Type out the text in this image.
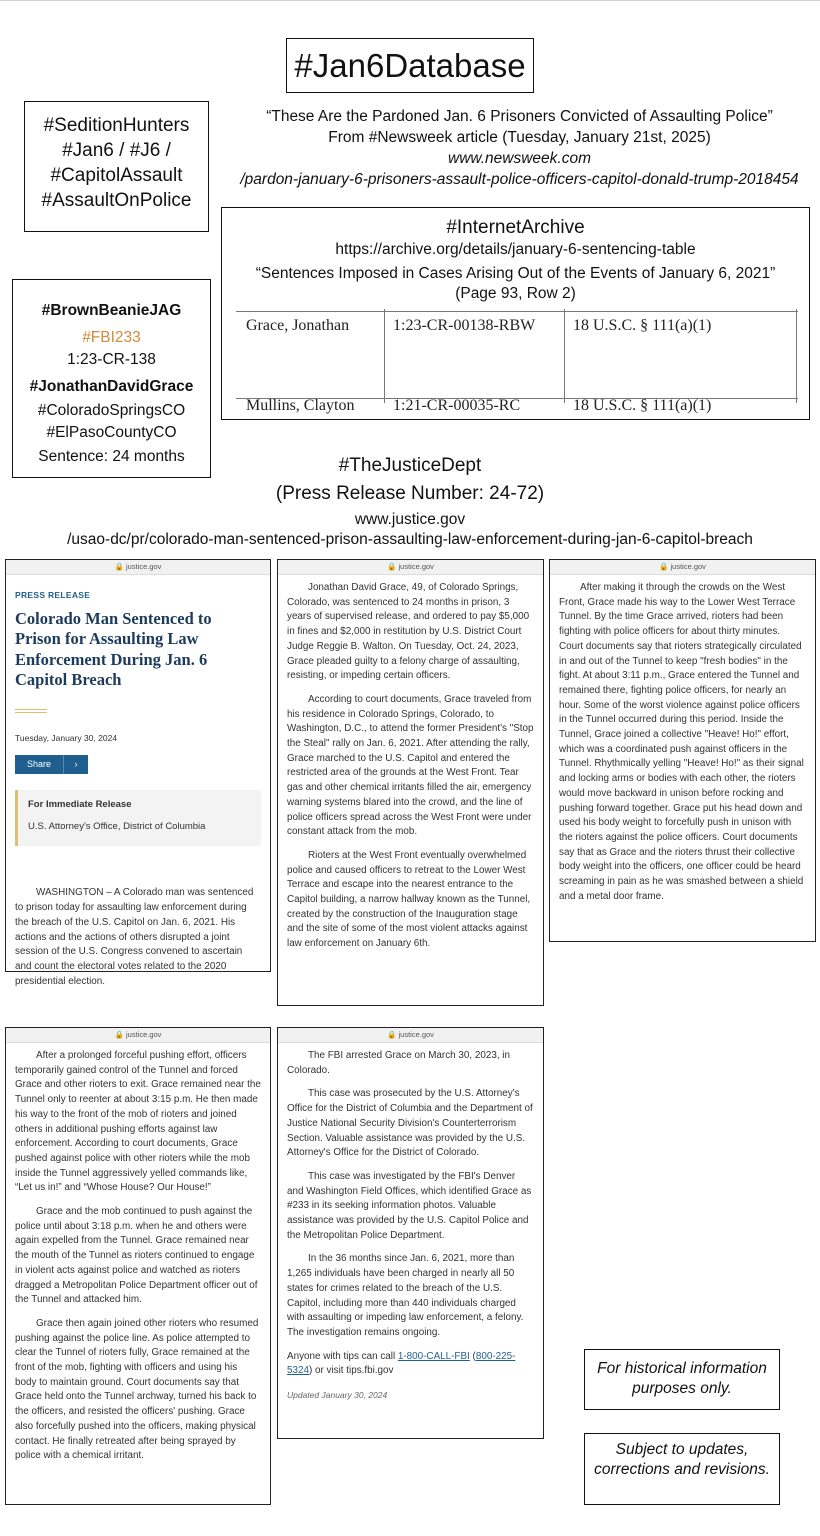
#Jan6Database
#SeditionHunters
#Jan6 / #J6 /
#CapitolAssault
#AssaultOnPolice
“These Are the Pardoned Jan. 6 Prisoners Convicted of Assaulting Police”
From #Newsweek article (Tuesday, January 21st, 2025)
www.newsweek.com
/pardon-january-6-prisoners-assault-police-officers-capitol-donald-trump-2018454
#InternetArchive
https://archive.org/details/january-6-sentencing-table
“Sentences Imposed in Cases Arising Out of the Events of January 6, 2021”
(Page 93, Row 2)
Grace, Jonathan	1:23-CR-00138-RBW 18 U.S.C. § 111(a)(1)
Mullins, Clayton 1:21-CR-00035-RC	18 U.S.C. § 111(a)(1)
#BrownBeanieJAG
#FBI233
1:23-CR-138
#JonathanDavidGrace
#ColoradoSpringsCO
#ElPasoCountyCO
Sentence: 24 months	#TheJusticeDept
(Press Release Number: 24-72)
www.justice.gov
/usao-dc/pr/colorado-man-sentenced-prison-assaulting-law-enforcement-during-jan-6-capitol-breach
🔒 justice.gov
PRESS RELEASE
Colorado Man Sentenced to Prison for Assaulting Law Enforcement During Jan. 6 Capitol Breach
Tuesday, January 30, 2024
Share	›
For Immediate Release
U.S. Attorney's Office, District of Columbia

WASHINGTON – A Colorado man was sentenced to prison today for assaulting law enforcement during the breach of the U.S. Capitol on Jan. 6, 2021. His actions and the actions of others disrupted a joint session of the U.S. Congress convened to ascertain and count the electoral votes related to the 2020 presidential election.

🔒 justice.gov

Jonathan David Grace, 49, of Colorado Springs, Colorado, was sentenced to 24 months in prison, 3 years of supervised release, and ordered to pay $5,000 in fines and $2,000 in restitution by U.S. District Court Judge Reggie B. Walton. On Tuesday, Oct. 24, 2023, Grace pleaded guilty to a felony charge of assaulting, resisting, or impeding certain officers.

According to court documents, Grace traveled from his residence in Colorado Springs, Colorado, to Washington, D.C., to attend the former President's "Stop the Steal" rally on Jan. 6, 2021. After attending the rally, Grace marched to the U.S. Capitol and entered the restricted area of the grounds at the West Front. Tear gas and other chemical irritants filled the air, emergency warning systems blared into the crowd, and the line of police officers spread across the West Front were under constant attack from the mob.

Rioters at the West Front eventually overwhelmed police and caused officers to retreat to the Lower West Terrace and escape into the nearest entrance to the Capitol building, a narrow hallway known as the Tunnel, created by the construction of the Inauguration stage and the site of some of the most violent attacks against law enforcement on January 6th.

🔒 justice.gov

After making it through the crowds on the West Front, Grace made his way to the Lower West Terrace Tunnel. By the time Grace arrived, rioters had been fighting with police officers for about thirty minutes. Court documents say that rioters strategically circulated in and out of the Tunnel to keep "fresh bodies" in the fight. At about 3:11 p.m., Grace entered the Tunnel and remained there, fighting police officers, for nearly an hour. Some of the worst violence against police officers in the Tunnel occurred during this period. Inside the Tunnel, Grace joined a collective "Heave! Ho!" effort, which was a coordinated push against officers in the Tunnel. Rhythmically yelling "Heave! Ho!" as their signal and locking arms or bodies with each other, the rioters would move backward in unison before rocking and pushing forward together. Grace put his head down and used his body weight to forcefully push in unison with the rioters against the police officers. Court documents say that as Grace and the rioters thrust their collective body weight into the officers, one officer could be heard screaming in pain as he was smashed between a shield and a metal door frame.

🔒 justice.gov

After a prolonged forceful pushing effort, officers temporarily gained control of the Tunnel and forced Grace and other rioters to exit. Grace remained near the Tunnel only to reenter at about 3:15 p.m. He then made his way to the front of the mob of rioters and joined others in additional pushing efforts against law enforcement. According to court documents, Grace pushed against police with other rioters while the mob inside the Tunnel aggressively yelled commands like, “Let us in!” and “Whose House? Our House!”

Grace and the mob continued to push against the police until about 3:18 p.m. when he and others were again expelled from the Tunnel. Grace remained near the mouth of the Tunnel as rioters continued to engage in violent acts against police and watched as rioters dragged a Metropolitan Police Department officer out of the Tunnel and attacked him.

Grace then again joined other rioters who resumed pushing against the police line. As police attempted to clear the Tunnel of rioters fully, Grace remained at the front of the mob, fighting with officers and using his body to maintain ground. Court documents say that Grace held onto the Tunnel archway, turned his back to the officers, and resisted the officers' pushing. Grace also forcefully pushed into the officers, making physical contact. He finally retreated after being sprayed by police with a chemical irritant.

🔒 justice.gov

The FBI arrested Grace on March 30, 2023, in Colorado.

This case was prosecuted by the U.S. Attorney's Office for the District of Columbia and the Department of Justice National Security Division's Counterterrorism Section. Valuable assistance was provided by the U.S. Attorney's Office for the District of Colorado.

This case was investigated by the FBI's Denver and Washington Field Offices, which identified Grace as #233 in its seeking information photos. Valuable assistance was provided by the U.S. Capitol Police and the Metropolitan Police Department.

In the 36 months since Jan. 6, 2021, more than 1,265 individuals have been charged in nearly all 50 states for crimes related to the breach of the U.S. Capitol, including more than 440 individuals charged with assaulting or impeding law enforcement, a felony. The investigation remains ongoing.

Anyone with tips can call 1-800-CALL-FBI (800-225-5324) or visit tips.fbi.gov

Updated January 30, 2024
For historical information purposes only.
Subject to updates, corrections and revisions.
